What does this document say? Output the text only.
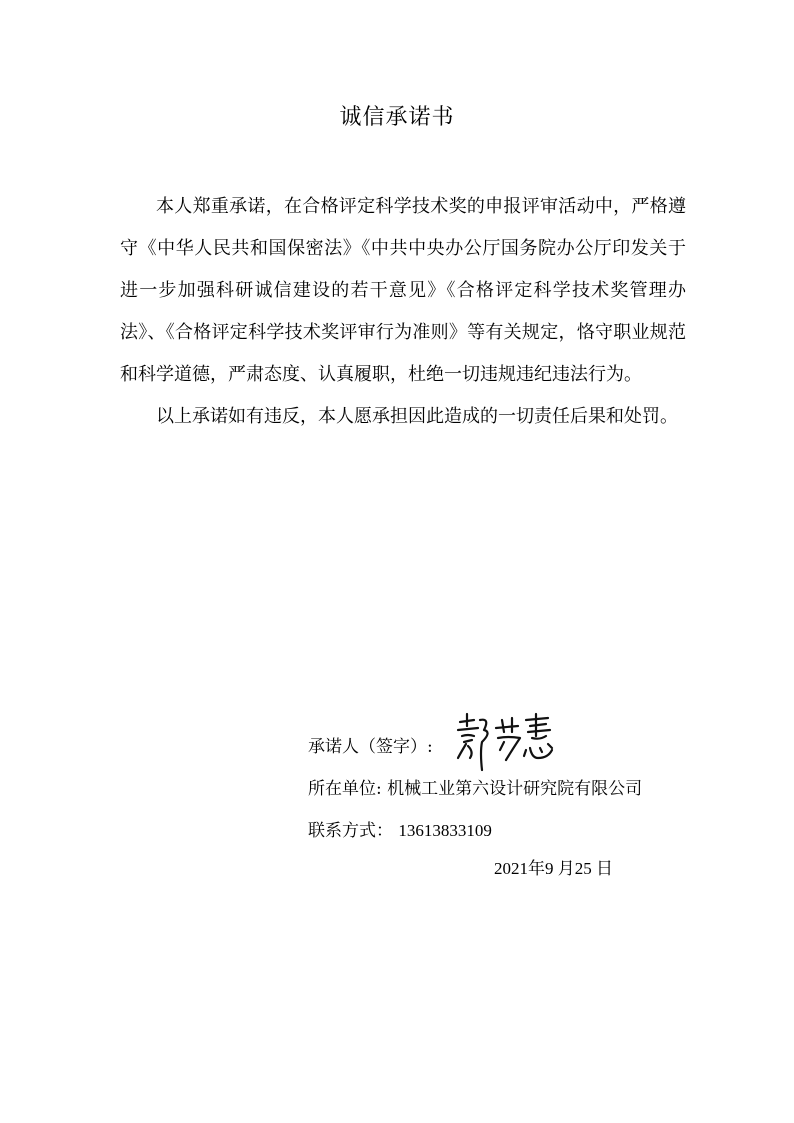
诚信承诺书

本人郑重承诺，在合格评定科学技术奖的申报评审活动中，严格遵守《中华人民共和国保密法》《中共中央办公厅国务院办公厅印发关于进一步加强科研诚信建设的若干意见》《合格评定科学技术奖管理办法》、《合格评定科学技术奖评审行为准则》等有关规定，恪守职业规范和科学道德，严肃态度、认真履职，杜绝一切违规违纪违法行为。

以上承诺如有违反，本人愿承担因此造成的一切责任后果和处罚。

承诺人（签字）:
所在单位: 机械工业第六设计研究院有限公司
联系方式： 13613833109
2021年9 月25 日
